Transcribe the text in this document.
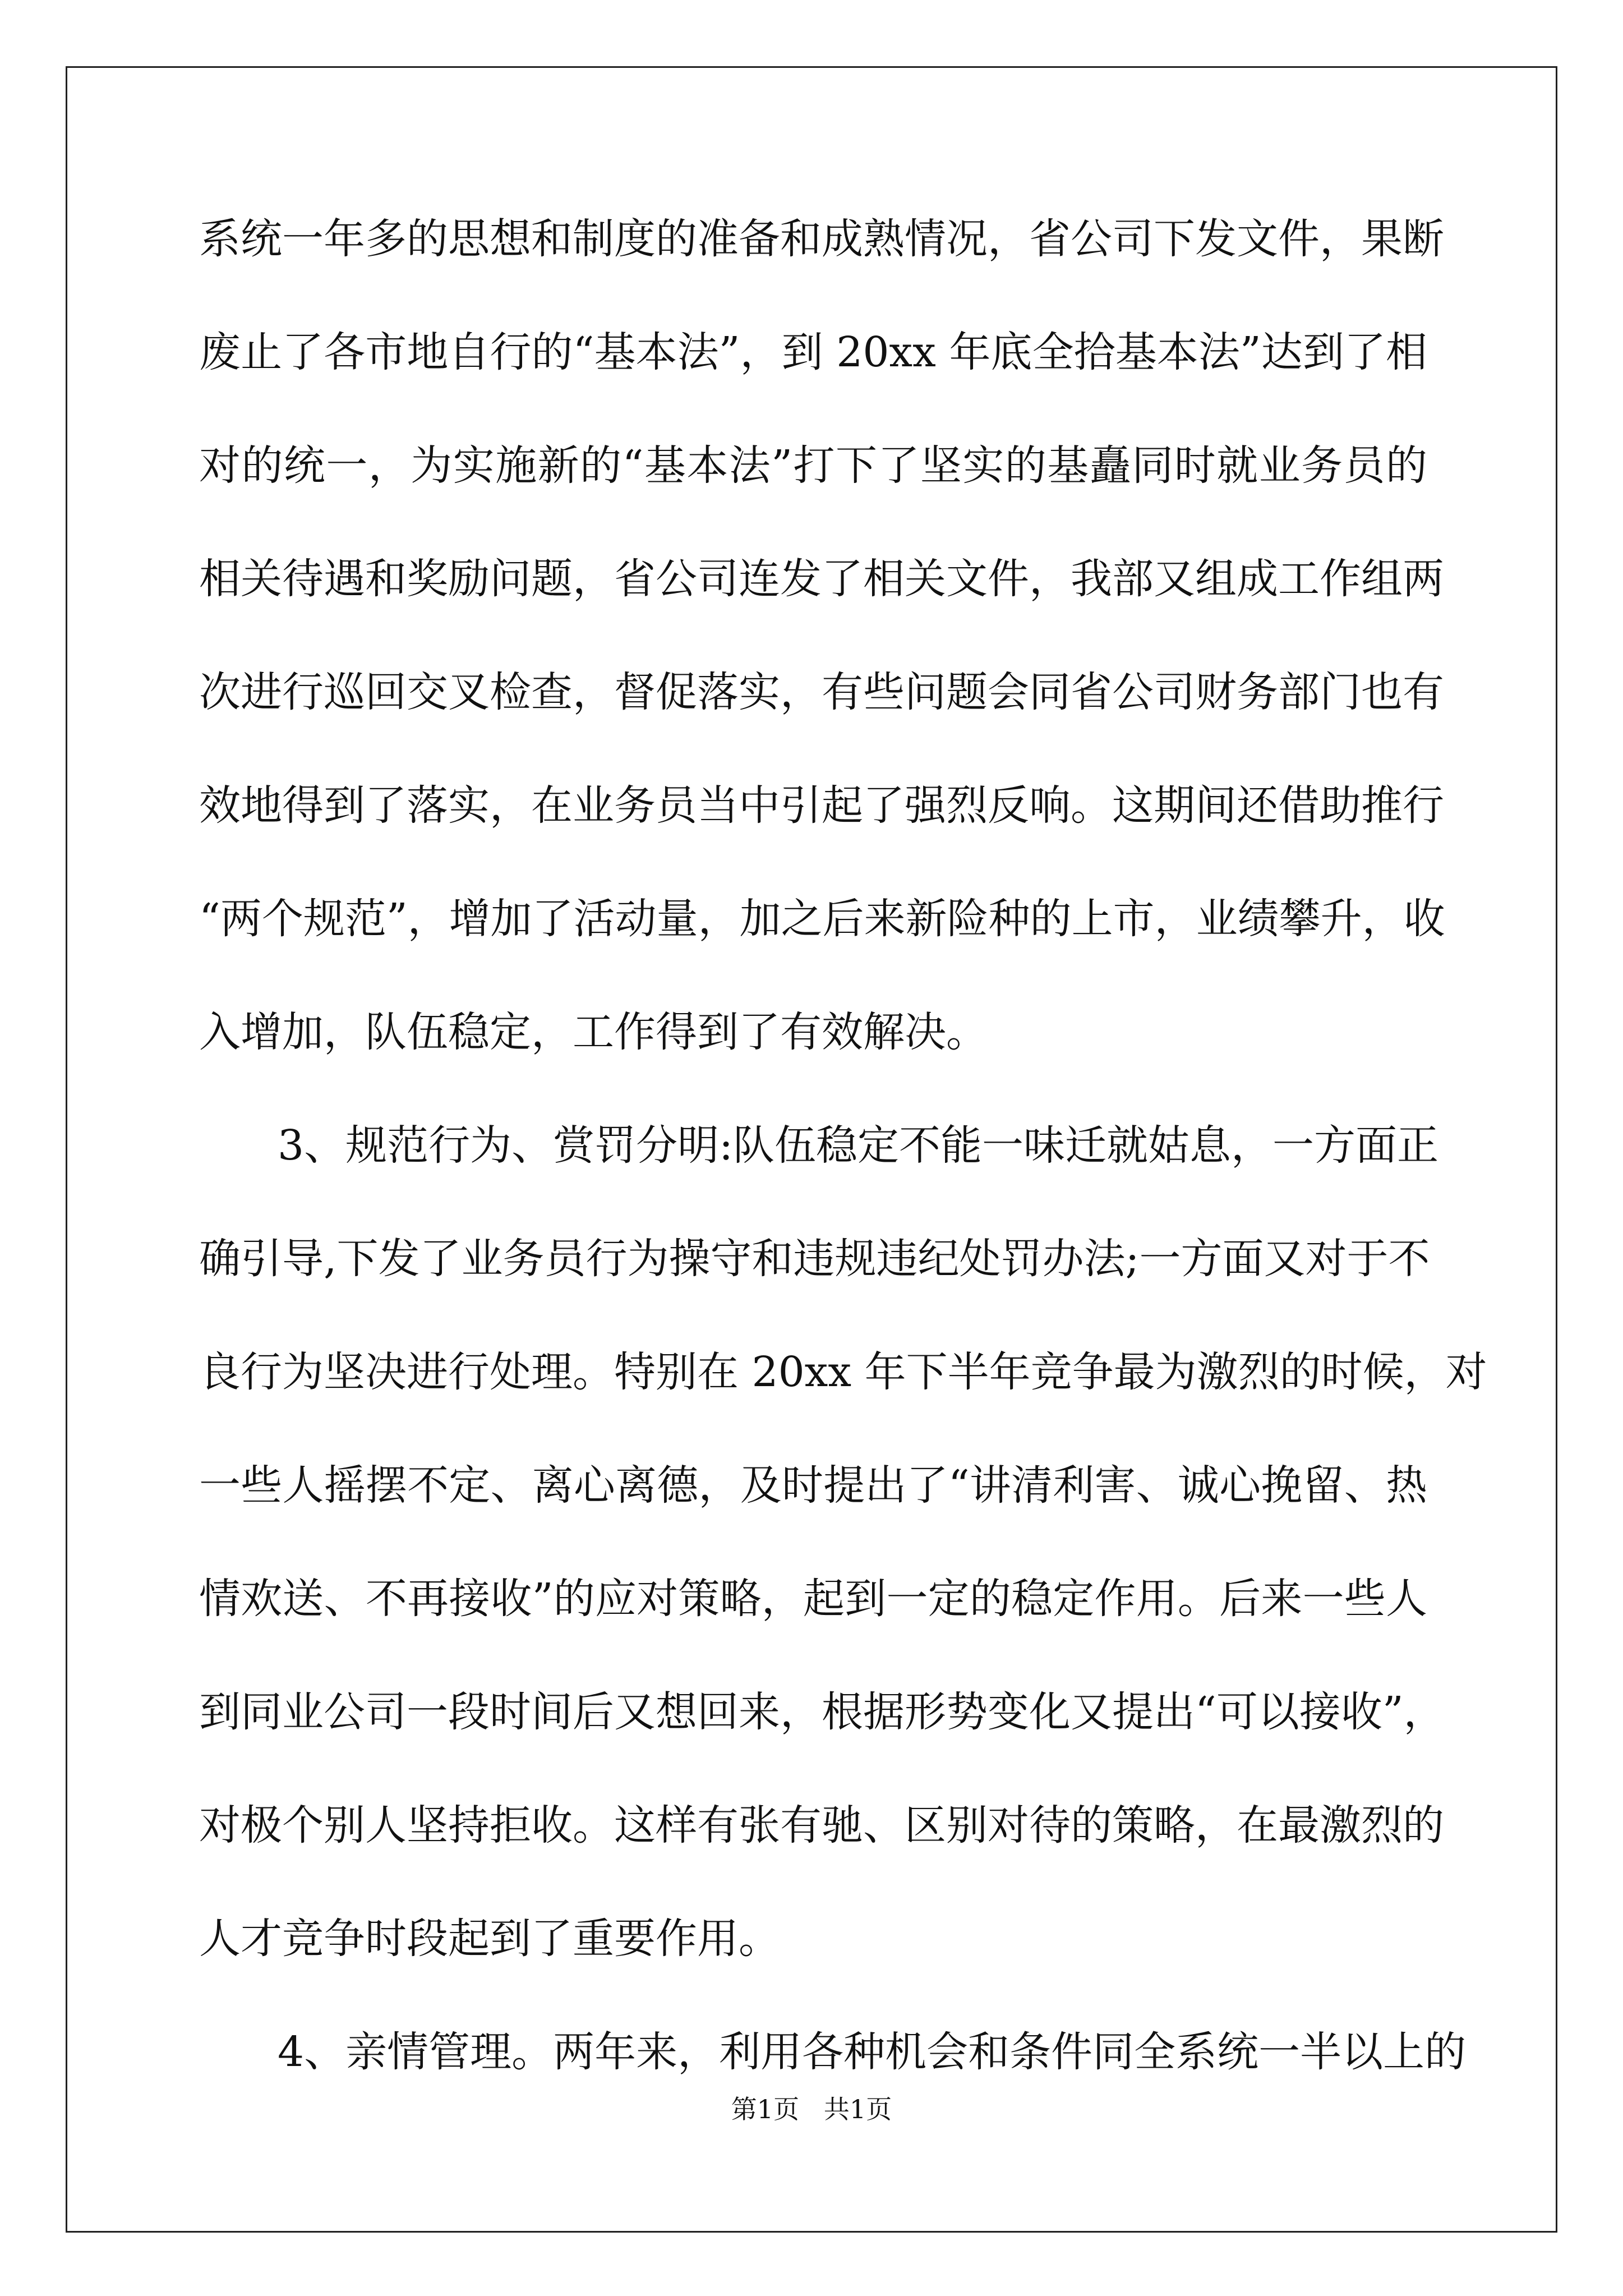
系统一年多的思想和制度的准备和成熟情况，省公司下发文件，果断
废止了各市地自行的“基本法”，到 20xx 年底全拾基本法”达到了相
对的统一，为实施新的“基本法”打下了坚实的基矗同时就业务员的
相关待遇和奖励问题，省公司连发了相关文件，我部又组成工作组两
次进行巡回交叉检查，督促落实，有些问题会同省公司财务部门也有
效地得到了落实，在业务员当中引起了强烈反响。这期间还借助推行
“两个规范”，增加了活动量，加之后来新险种的上市，业绩攀升，收
入增加，队伍稳定，工作得到了有效解决。
3、规范行为、赏罚分明:队伍稳定不能一味迁就姑息，一方面正
确引导,下发了业务员行为操守和违规违纪处罚办法;一方面又对于不
良行为坚决进行处理。特别在 20xx 年下半年竞争最为激烈的时候，对
一些人摇摆不定、离心离德，及时提出了“讲清利害、诚心挽留、热
情欢送、不再接收”的应对策略，起到一定的稳定作用。后来一些人
到同业公司一段时间后又想回来，根据形势变化又提出“可以接收”，
对极个别人坚持拒收。这样有张有驰、区别对待的策略，在最激烈的
人才竞争时段起到了重要作用。
4、亲情管理。两年来，利用各种机会和条件同全系统一半以上的
第1页   共1页
